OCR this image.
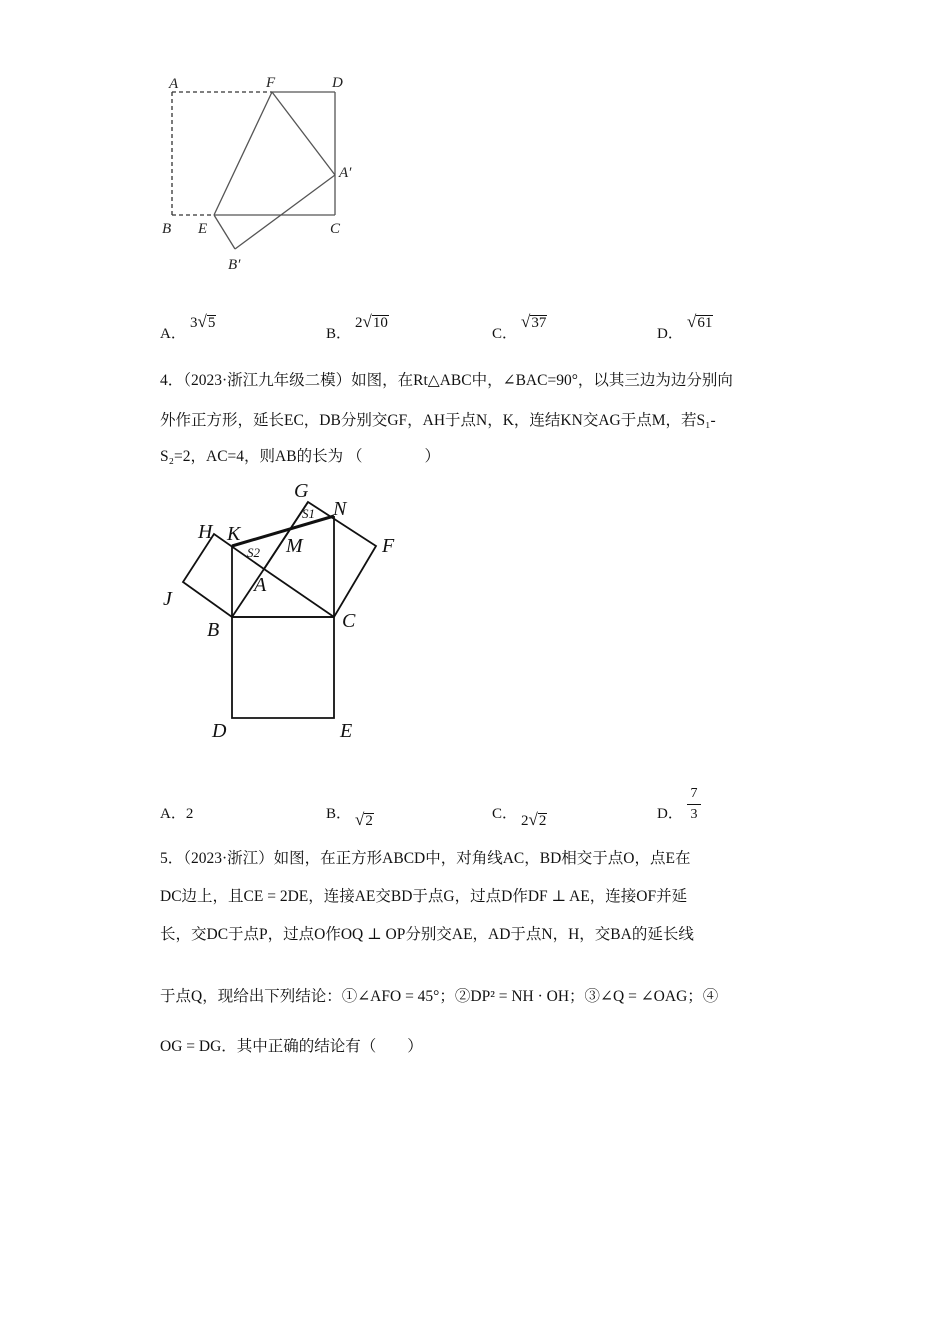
A	F	D
A′
B E	C
B′
A．
3√5
B．
2√10
C．
√37
D．
√61
4．（2023·浙江九年级二模）如图，在Rt△ABC中，∠BAC=90°，以其三边为边分别向
外作正方形，延长EC，DB分别交GF，AH于点N，K，连结KN交AG于点M，若S₁-
S₂=2，AC=4，则AB的长为 （　　　　）
G
N
S1
H K
M	F
S2
J
A
B	C
D	E
A．2	B． √2	C． 2√2	D． $\frac{7}{3}$
5．（2023·浙江）如图，在正方形ABCD中，对角线AC，BD相交于点O，点E在
DC边上，且CE = 2DE，连接AE交BD于点G，过点D作DF ⊥ AE，连接OF并延
长，交DC于点P，过点O作OQ ⊥ OP分别交AE，AD于点N，H，交BA的延长线
于点Q，现给出下列结论：①∠AFO = 45°；②DP² = NH · OH；③∠Q = ∠OAG；④
OG = DG．其中正确的结论有（　　）
